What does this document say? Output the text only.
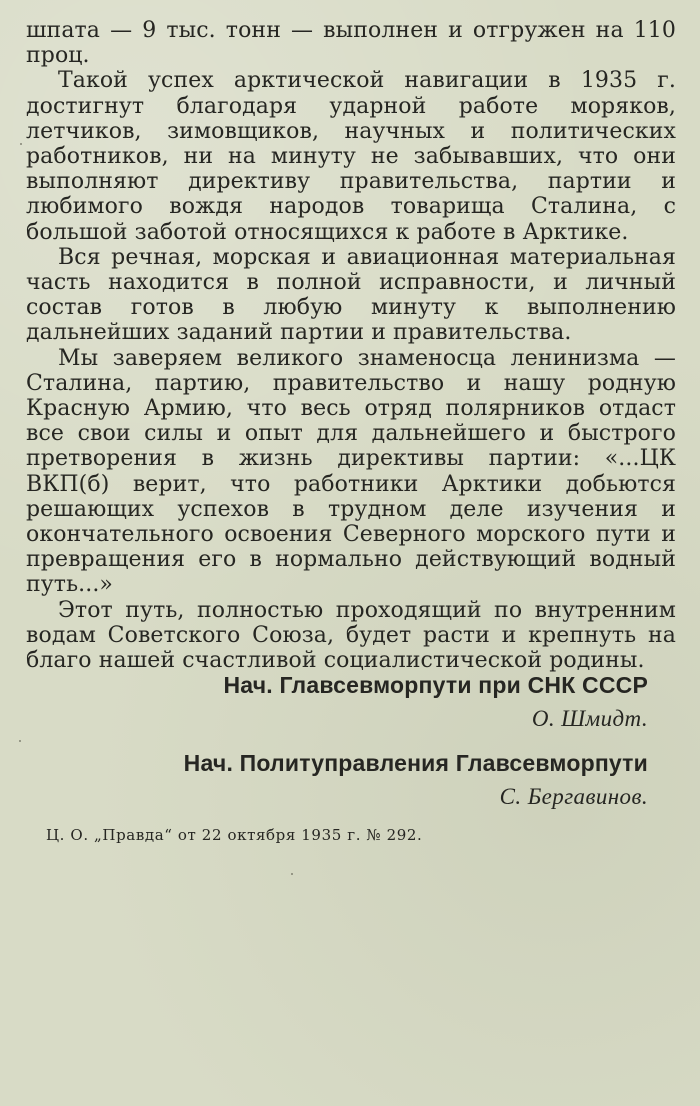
шпата — 9 тыс. тонн — выполнен и отгружен на 110 проц.

Такой успех арктической навигации в 1935 г. достигнут благодаря ударной работе моряков, летчиков, зимовщиков, научных и политических работников, ни на минуту не забывавших, что они выполняют директиву правительства, партии и любимого вождя народов товарища Сталина, с большой заботой относящихся к работе в Арктике.

Вся речная, морская и авиационная материальная часть находится в полной исправности, и личный состав готов в любую минуту к выполнению дальнейших заданий партии и правительства.

Мы заверяем великого знаменосца ленинизма — Сталина, партию, правительство и нашу родную Красную Армию, что весь отряд полярников отдаст все свои силы и опыт для дальнейшего и быстрого претворения в жизнь директивы партии: «...ЦК ВКП(б) верит, что работники Арктики добьются решающих успехов в трудном деле изучения и окончательного освоения Северного морского пути и превращения его в нормально действующий водный путь...»

Этот путь, полностью проходящий по внутренним водам Советского Союза, будет расти и крепнуть на благо нашей счастливой социалистической родины.

Нач. Главсевморпути при СНК СССР

О. Шмидт.

Нач. Политуправления Главсевморпути

С. Бергавинов.

Ц. О. „Правда“ от 22 октября 1935 г. № 292.
